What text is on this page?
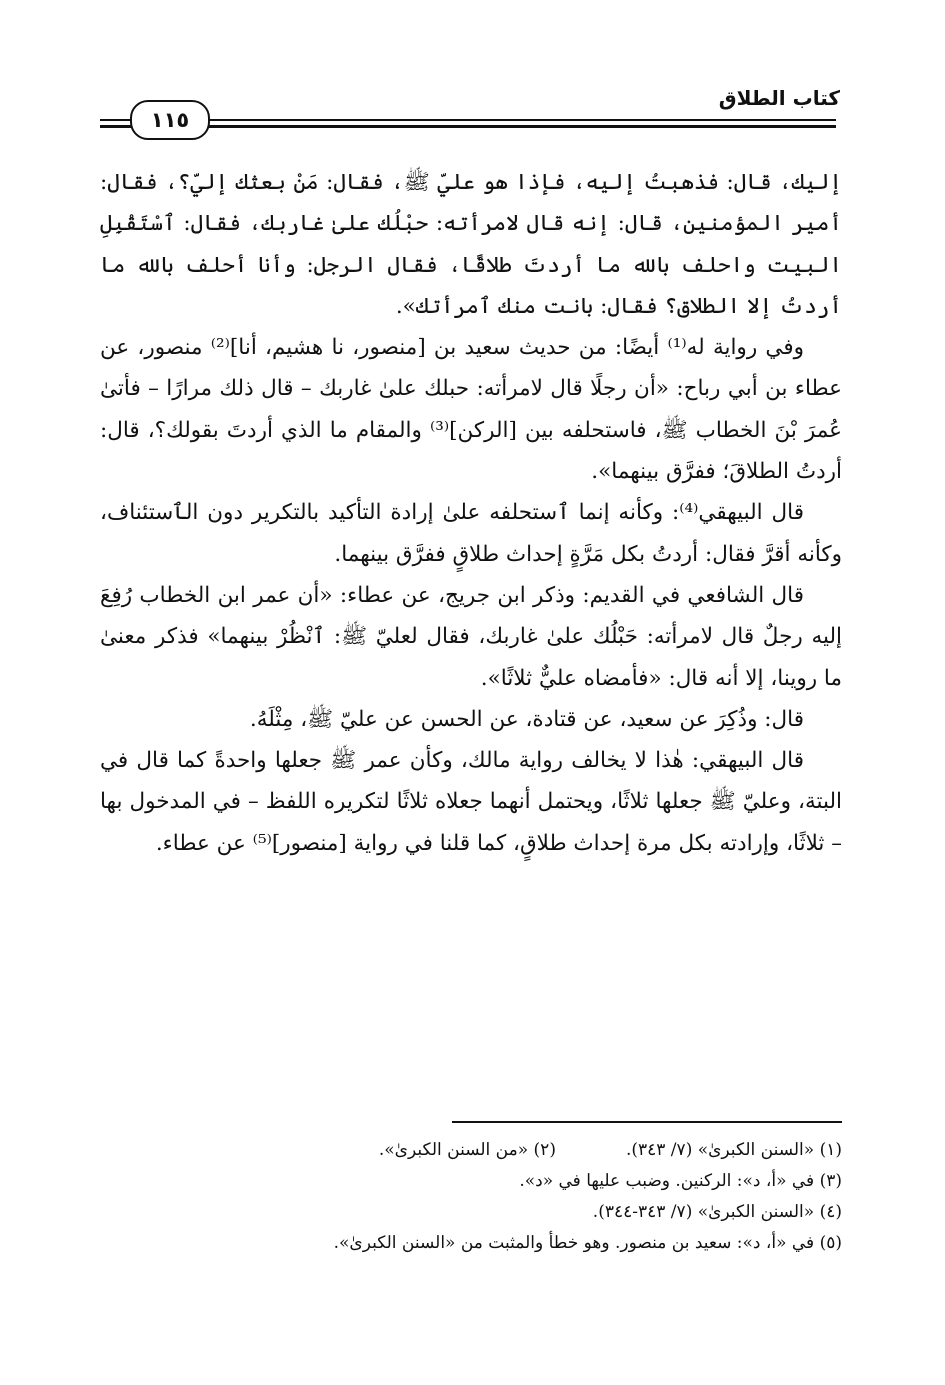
كتاب الطلاق
١١٥

إليك، قال: فذهبتُ إليه، فإذا هو عليّ ﷺ، فقال: مَنْ بعثك إليّ؟، فقال: أمير المؤمنين، قال: إنه قال لامرأته: حبْلُك علىٰ غاربك، فقال: ٱسْتَقْبِلِ البيت واحلف بالله ما أردتَ طلاقًا، فقال الرجل: وأنا أحلف بالله ما أردتُ إلا الطلاق؟ فقال: بانت منك ٱمرأتك».

وفي رواية له⁽¹⁾ أيضًا: من حديث سعيد بن [منصور، نا هشيم، أنا]⁽²⁾ منصور، عن عطاء بن أبي رباح: «أن رجلًا قال لامرأته: حبلك علىٰ غاربك – قال ذلك مرارًا – فأتىٰ عُمرَ بْنَ الخطاب ﷺ، فاستحلفه بين [الركن]⁽³⁾ والمقام ما الذي أردتَ بقولك؟، قال: أردتُ الطلاقَ؛ ففرَّق بينهما».

قال البيهقي⁽⁴⁾: وكأنه إنما ٱستحلفه علىٰ إرادة التأكيد بالتكرير دون الٱستئناف، وكأنه أقرَّ فقال: أردتُ بكل مَرَّةٍ إحداث طلاقٍ ففرَّق بينهما.

قال الشافعي في القديم: وذكر ابن جريج، عن عطاء: «أن عمر ابن الخطاب رُفِعَ إليه رجلٌ قال لامرأته: حَبْلُك علىٰ غاربك، فقال لعليّ ﷺ: ٱنْظُرْ بينهما» فذكر معنىٰ ما روينا، إلا أنه قال: «فأمضاه عليٌّ ثلاثًا».

قال: وذُكِرَ عن سعيد، عن قتادة، عن الحسن عن عليّ ﷺ، مِثْلَهُ.

قال البيهقي: هٰذا لا يخالف رواية مالك، وكأن عمر ﷺ جعلها واحدةً كما قال في البتة، وعليّ ﷺ جعلها ثلاثًا، ويحتمل أنهما جعلاه ثلاثًا لتكريره اللفظ – في المدخول بها – ثلاثًا، وإرادته بكل مرة إحداث طلاقٍ، كما قلنا في رواية [منصور]⁽⁵⁾ عن عطاء.

(١) «السنن الكبرىٰ» (٧/ ٣٤٣).(٢) «من السنن الكبرىٰ».
(٣) في «أ، د»: الركنين. وضبب عليها في «د».
(٤) «السنن الكبرىٰ» (٧/ ٣٤٣-٣٤٤).
(٥) في «أ، د»: سعيد بن منصور. وهو خطأ والمثبت من «السنن الكبرىٰ».
